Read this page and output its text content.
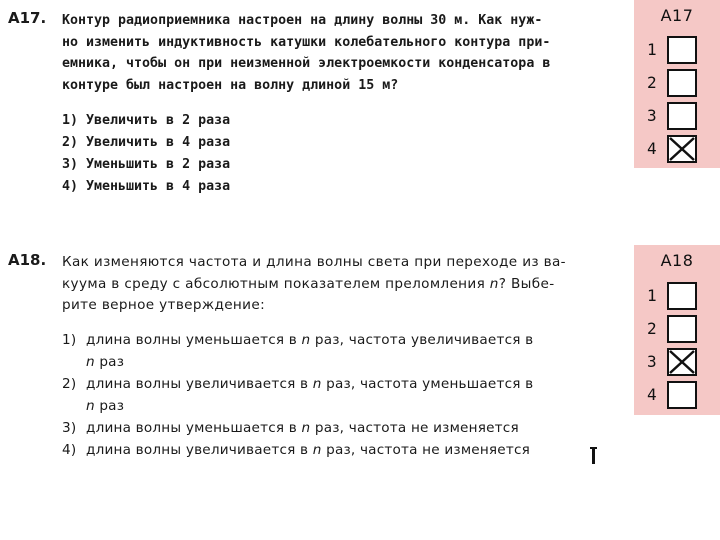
А17. Контур радиоприемника настроен на длину волны 30 м. Как нуж-
но изменить индуктивность катушки колебательного контура при-
емника, чтобы он при неизменной электроемкости конденсатора в
контуре был настроен на волну длиной 15 м?
1) Увеличить в 2 раза
2) Увеличить в 4 раза
3) Уменьшить в 2 раза
4) Уменьшить в 4 раза
А18. Как изменяются частота и длина волны света при переходе из ва-
куума в среду с абсолютным показателем преломления n? Выбе-
рите верное утверждение:
1) длина волны уменьшается в n раз, частота увеличивается в
n раз
2) длина волны увеличивается в n раз, частота уменьшается в
n раз
3) длина волны уменьшается в n раз, частота не изменяется
4) длина волны увеличивается в n раз, частота не изменяется
А17
1
2
3
4
А18
1
2
3
4
